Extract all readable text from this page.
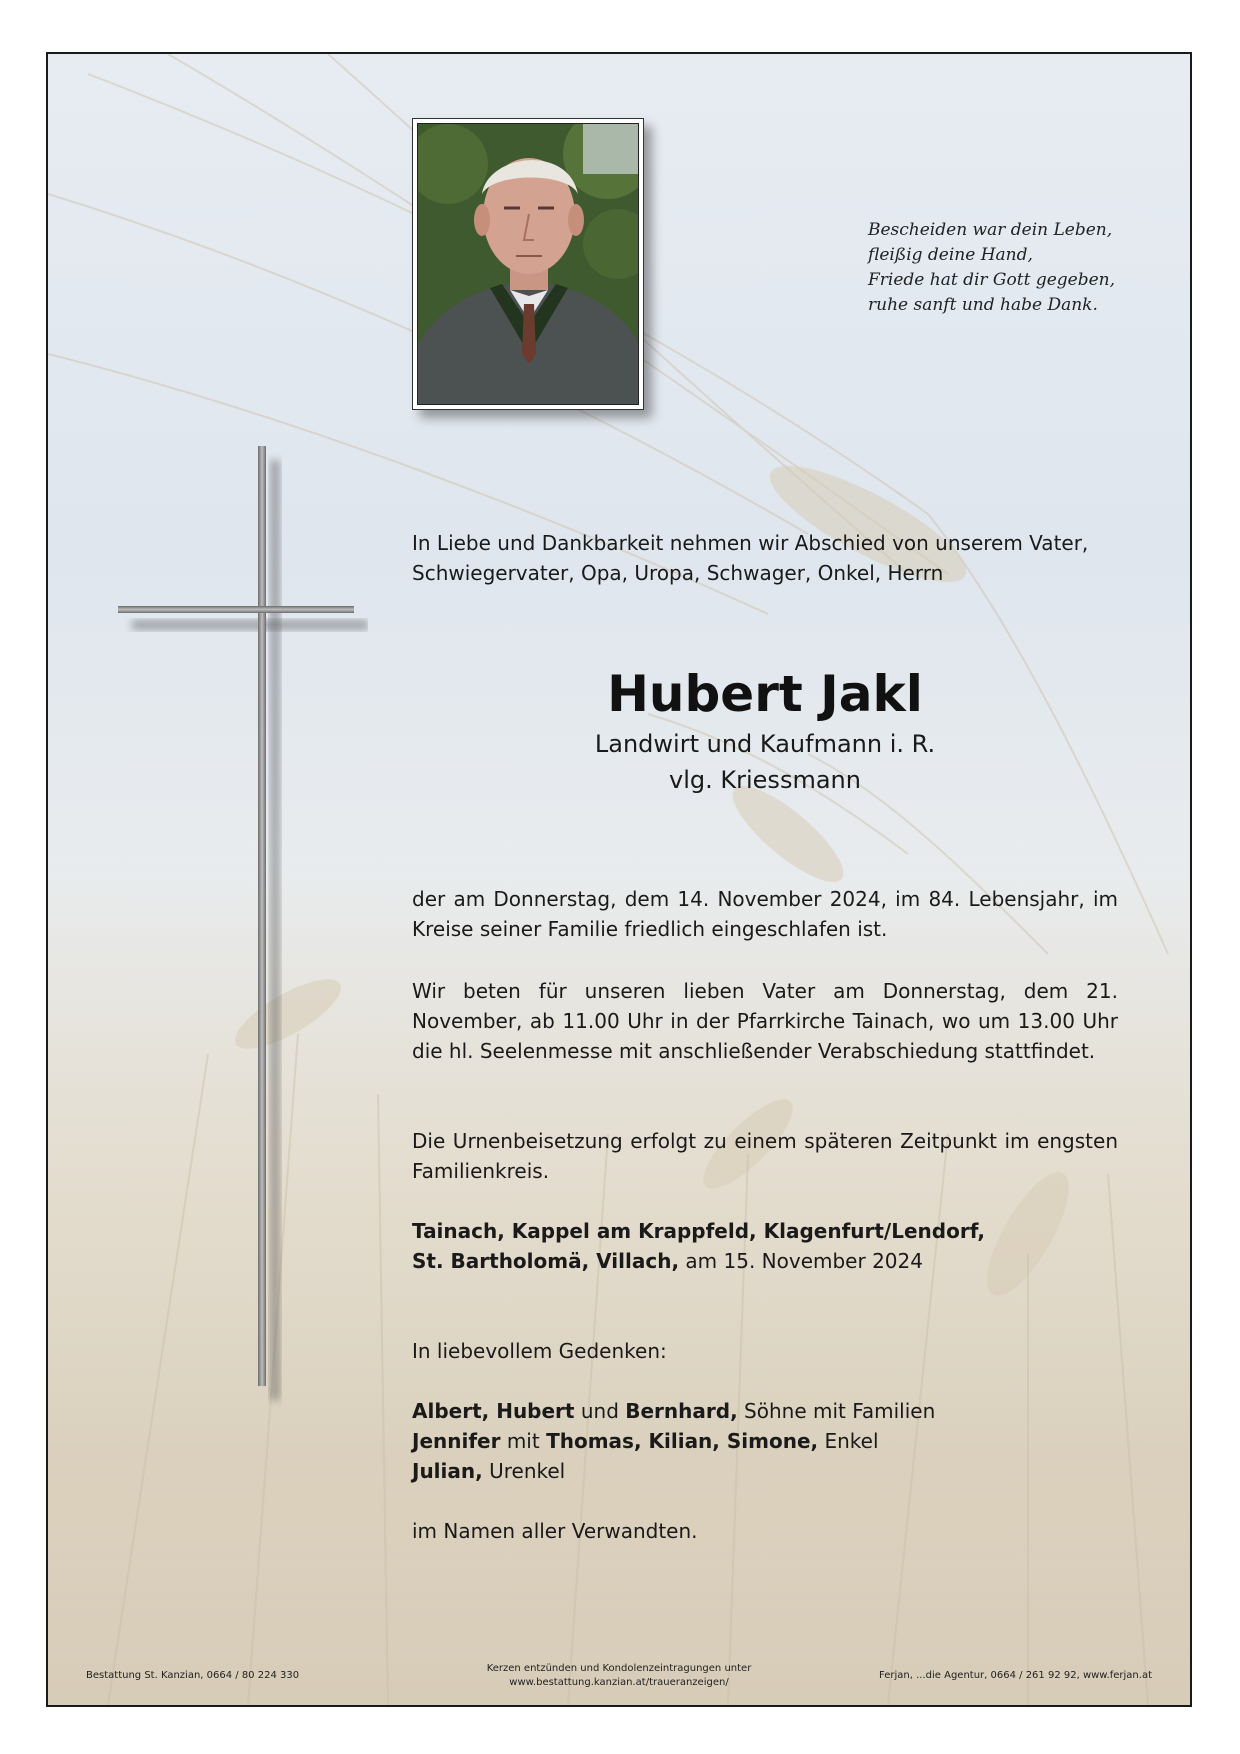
Bescheiden war dein Leben,
fleißig deine Hand,
Friede hat dir Gott gegeben,
ruhe sanft und habe Dank.
In Liebe und Dankbarkeit nehmen wir Abschied von unserem Vater,
Schwiegervater, Opa, Uropa, Schwager, Onkel, Herrn
Hubert Jakl
Landwirt und Kaufmann i. R.
vlg. Kriessmann
der am Donnerstag, dem 14. November 2024, im 84. Lebensjahr, im Kreise seiner Familie friedlich eingeschlafen ist.
Wir beten für unseren lieben Vater am Donnerstag, dem 21. November, ab 11.00 Uhr in der Pfarrkirche Tainach, wo um 13.00 Uhr die hl. Seelenmesse mit anschließender Verabschiedung stattfindet.
Die Urnenbeisetzung erfolgt zu einem späteren Zeitpunkt im engsten Familienkreis.
Tainach, Kappel am Krappfeld, Klagenfurt/Lendorf,
St. Bartholomä, Villach, am 15. November 2024
In liebevollem Gedenken:
Albert, Hubert und Bernhard, Söhne mit Familien
Jennifer mit Thomas, Kilian, Simone, Enkel
Julian, Urenkel
im Namen aller Verwandten.
Bestattung St. Kanzian, 0664 / 80 224 330
Kerzen entzünden und Kondolenzeintragungen unter
www.bestattung.kanzian.at/traueranzeigen/
Ferjan, ...die Agentur, 0664 / 261 92 92, www.ferjan.at
